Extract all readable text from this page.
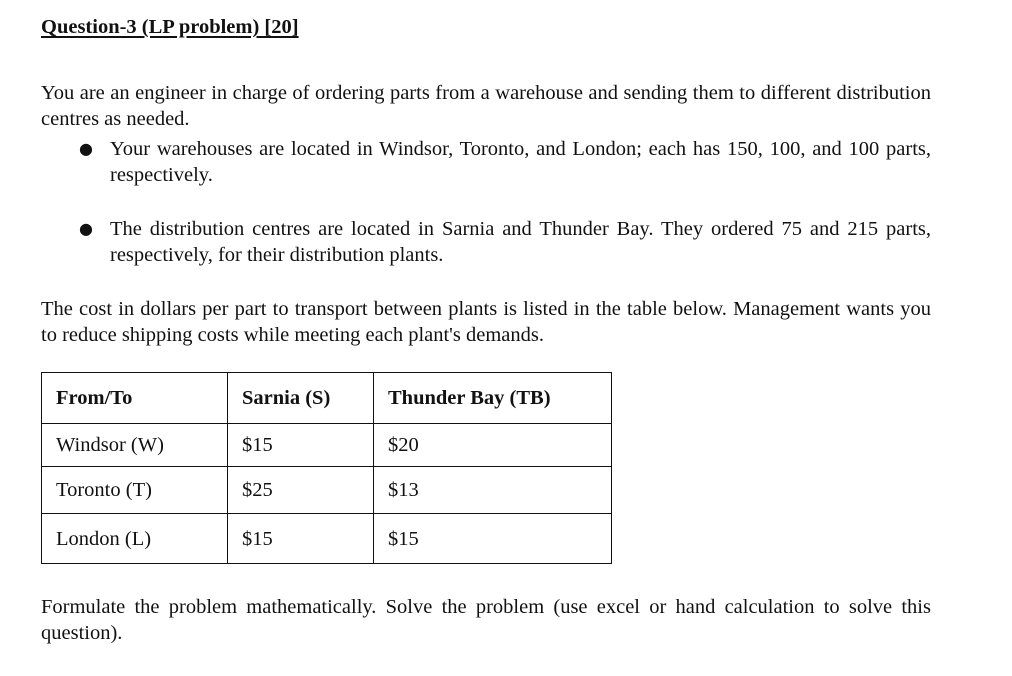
Question-3 (LP problem) [20]

You are an engineer in charge of ordering parts from a warehouse and sending them to different distribution centres as needed.

● Your warehouses are located in Windsor, Toronto, and London; each has 150, 100, and 100 parts, respectively.
● The distribution centres are located in Sarnia and Thunder Bay. They ordered 75 and 215 parts, respectively, for their distribution plants.

The cost in dollars per part to transport between plants is listed in the table below. Management wants you to reduce shipping costs while meeting each plant's demands.

From/To	Sarnia (S)	Thunder Bay (TB)
Windsor (W)	$15	$20
Toronto (T)	$25	$13
London (L)	$15	$15

Formulate the problem mathematically. Solve the problem (use excel or hand calculation to solve this question).
